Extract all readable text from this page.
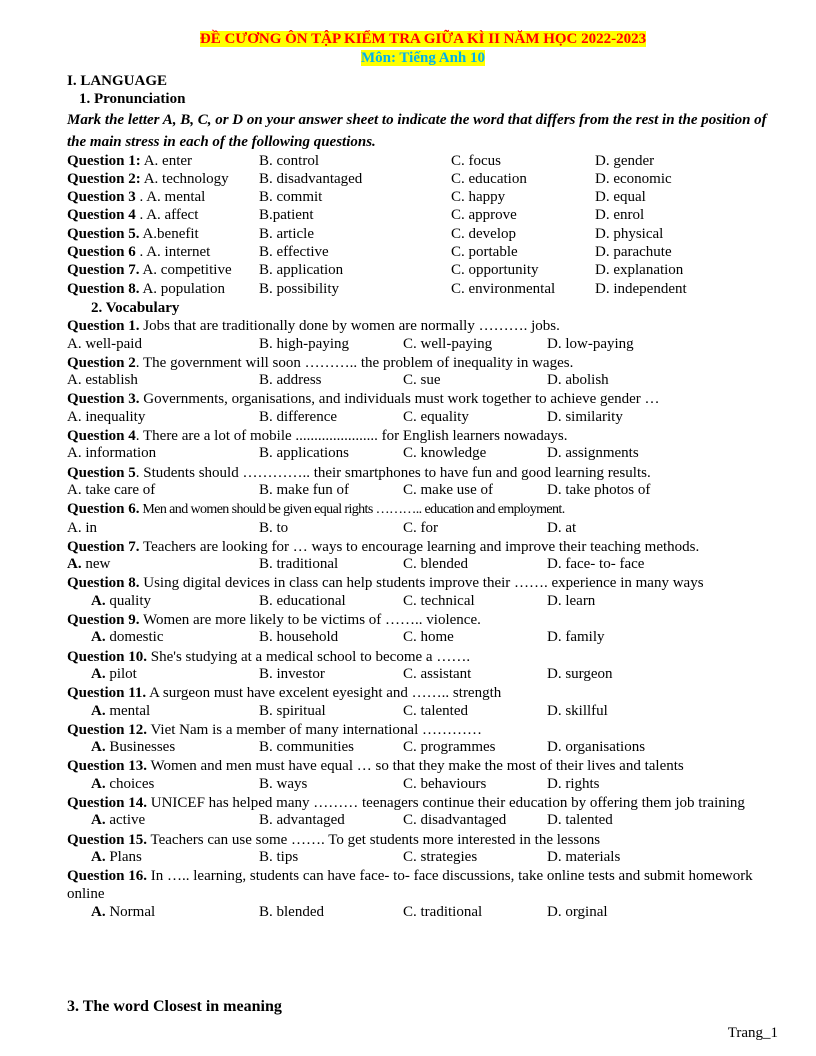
ĐỀ CƯƠNG ÔN TẬP KIỂM TRA GIỮA KÌ II NĂM HỌC 2022-2023
Môn: Tiếng Anh 10
I. LANGUAGE
1. Pronunciation
Mark the letter A, B, C, or D on your answer sheet to indicate the word that differs from the rest in the position of the main stress in each of the following questions.
Question 1: A. enter	B. control	C. focus	D. gender
Question 2: A. technology B. disadvantaged	C. education	D. economic
Question 3 . A. mental	B. commit	C. happy	D. equal
Question 4 . A. affect	B.patient	C. approve	D. enrol
Question 5. A.benefit	B. article	C. develop	D. physical
Question 6 . A. internet	B. effective	C. portable	D. parachute
Question 7. A. competitive B. application	C. opportunity	D. explanation
Question 8. A. population B. possibility	C. environmental	D. independent
2. Vocabulary
Question 1. Jobs that are traditionally done by women are normally ………. jobs.
A. well-paid	B. high-paying	C. well-paying	D. low-paying
Question 2. The government will soon ……….. the problem of inequality in wages.
A. establish	B. address	C. sue	D. abolish
Question 3. Governments, organisations, and individuals must work together to achieve gender …
A. inequality	B. difference	C. equality	D. similarity
Question 4. There are a lot of mobile ...................... for English learners nowadays.
A. information	B. applications	C. knowledge	D. assignments
Question 5. Students should ………….. their smartphones to have fun and good learning results.
A. take care of	B. make fun of	C. make use of	D. take photos of
Question 6. Men and women should be given equal rights ……….. education and employment.
A. in	B. to	C. for	D. at
Question 7. Teachers are looking for … ways to encourage learning and improve their teaching methods.
A. new	B. traditional	C. blended	D. face- to- face
Question 8. Using digital devices in class can help students improve their ……. experience in many ways
A. quality	B. educational	C. technical	D. learn
Question 9. Women are more likely to be victims of …….. violence.
A. domestic	B. household	C. home	D. family
Question 10. She's studying at a medical school to become a …….
A. pilot	B. investor	C. assistant	D. surgeon
Question 11. A surgeon must have excelent eyesight and …….. strength
A. mental	B. spiritual	C. talented	D. skillful
Question 12. Viet Nam is a member of many international …………
A. Businesses	B. communities	C. programmes	D. organisations
Question 13. Women and men must have equal … so that they make the most of their lives and talents
A. choices	B. ways	C. behaviours	D. rights
Question 14. UNICEF has helped many ……… teenagers continue their education by offering them job training
A. active	B. advantaged	C. disadvantaged	D. talented
Question 15. Teachers can use some ……. To get students more interested in the lessons
A. Plans	B. tips	C. strategies	D. materials
Question 16. In ….. learning, students can have face- to- face discussions, take online tests and submit homework online
A. Normal	B. blended	C. traditional	D. orginal
3. The word Closest in meaning
Trang_1
